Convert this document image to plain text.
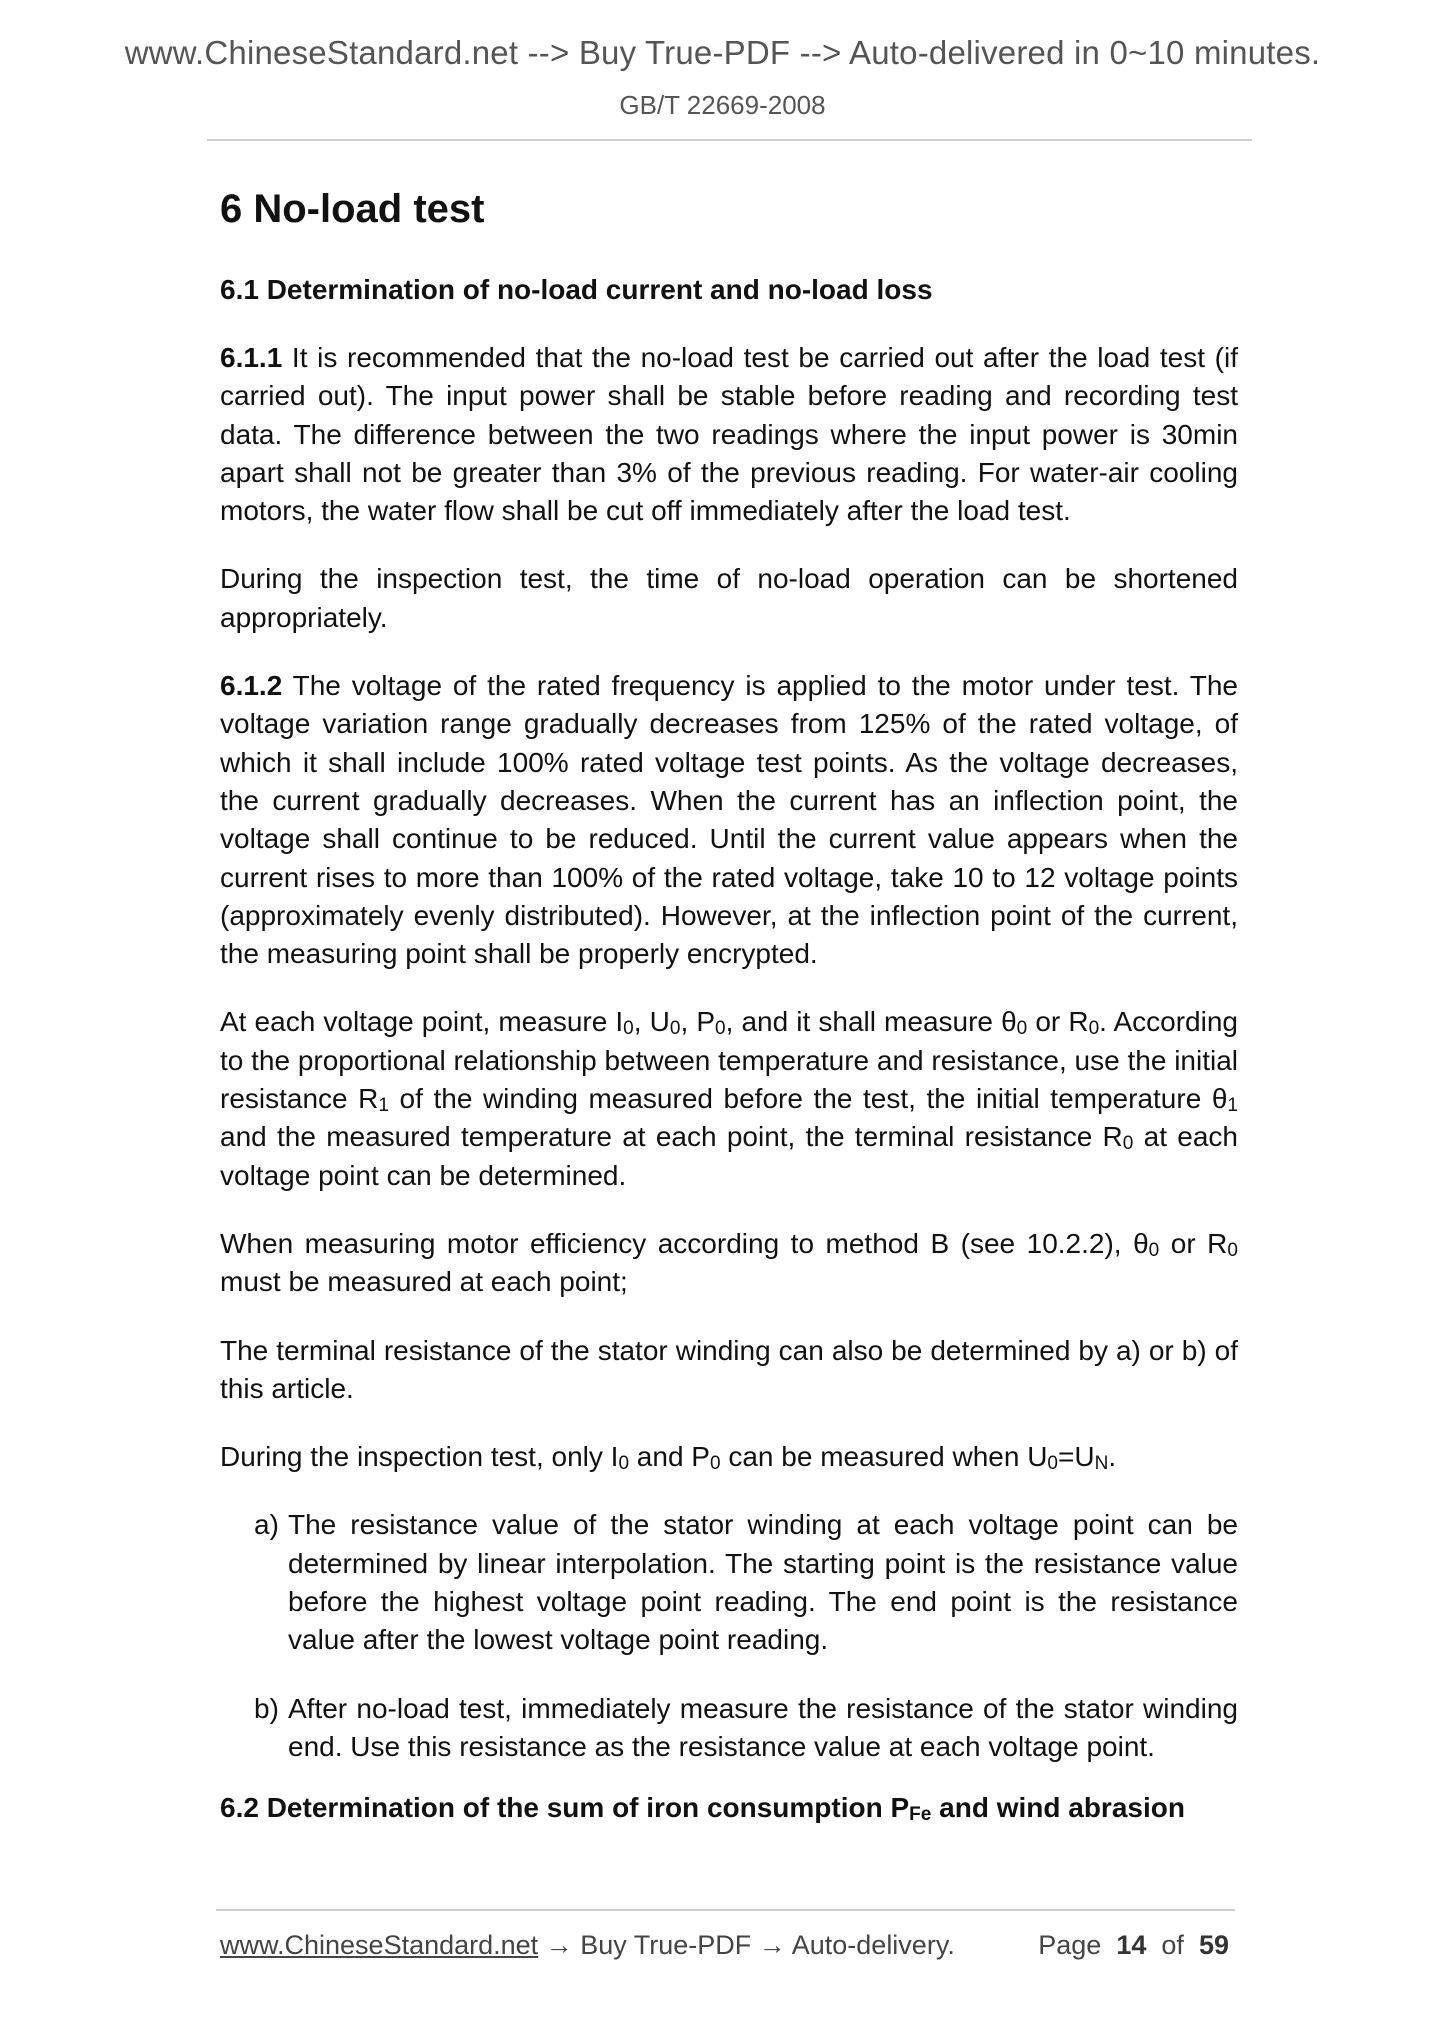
www.ChineseStandard.net --> Buy True-PDF --> Auto-delivered in 0~10 minutes.
GB/T 22669-2008
6 No-load test
6.1 Determination of no-load current and no-load loss

6.1.1 It is recommended that the no-load test be carried out after the load test (if carried out). The input power shall be stable before reading and recording test data. The difference between the two readings where the input power is 30min apart shall not be greater than 3% of the previous reading. For water-air cooling motors, the water flow shall be cut off immediately after the load test.

During the inspection test, the time of no-load operation can be shortened appropriately.

6.1.2 The voltage of the rated frequency is applied to the motor under test. The voltage variation range gradually decreases from 125% of the rated voltage, of which it shall include 100% rated voltage test points. As the voltage decreases, the current gradually decreases. When the current has an inflection point, the voltage shall continue to be reduced. Until the current value appears when the current rises to more than 100% of the rated voltage, take 10 to 12 voltage points (approximately evenly distributed). However, at the inflection point of the current, the measuring point shall be properly encrypted.

At each voltage point, measure $I_0$, $U_0$, $P_0$, and it shall measure $\theta_0$ or $R_0$. According to the proportional relationship between temperature and resistance, use the initial resistance $R_1$ of the winding measured before the test, the initial temperature $\theta_1$ and the measured temperature at each point, the terminal resistance $R_0$ at each voltage point can be determined.

When measuring motor efficiency according to method B (see 10.2.2), $\theta_0$ or $R_0$ must be measured at each point;

The terminal resistance of the stator winding can also be determined by a) or b) of this article.

During the inspection test, only $I_0$ and $P_0$ can be measured when $U_0=U_N$.

a) The resistance value of the stator winding at each voltage point can be determined by linear interpolation. The starting point is the resistance value before the highest voltage point reading. The end point is the resistance value after the lowest voltage point reading.
b) After no-load test, immediately measure the resistance of the stator winding end. Use this resistance as the resistance value at each voltage point.
6.2 Determination of the sum of iron consumption $P_{Fe}$ and wind abrasion
www.ChineseStandard.net → Buy True-PDF → Auto-delivery.	Page 14 of 59
